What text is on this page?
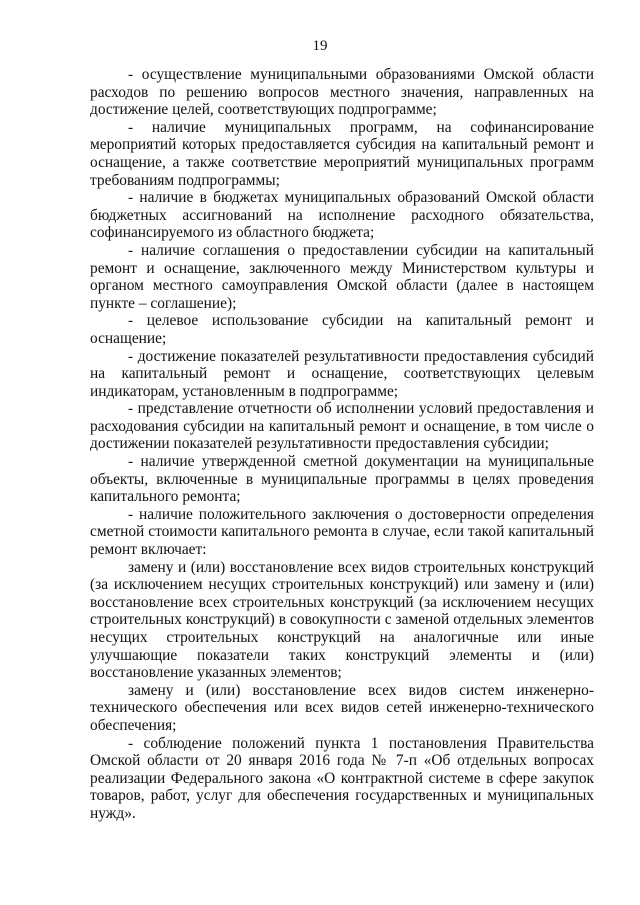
19

- осуществление муниципальными образованиями Омской области расходов по решению вопросов местного значения, направленных на достижение целей, соответствующих подпрограмме;

- наличие муниципальных программ, на софинансирование мероприятий которых предоставляется субсидия на капитальный ремонт и оснащение, а также соответствие мероприятий муниципальных программ требованиям подпрограммы;

- наличие в бюджетах муниципальных образований Омской области бюджетных ассигнований на исполнение расходного обязательства, софинансируемого из областного бюджета;

- наличие соглашения о предоставлении субсидии на капитальный ремонт и оснащение, заключенного между Министерством культуры и органом местного самоуправления Омской области (далее в настоящем пункте – соглашение);

- целевое использование субсидии на капитальный ремонт и оснащение;

- достижение показателей результативности предоставления субсидий на капитальный ремонт и оснащение, соответствующих целевым индикаторам, установленным в подпрограмме;

- представление отчетности об исполнении условий предоставления и расходования субсидии на капитальный ремонт и оснащение, в том числе о достижении показателей результативности предоставления субсидии;

- наличие утвержденной сметной документации на муниципальные объекты, включенные в муниципальные программы в целях проведения капитального ремонта;

- наличие положительного заключения о достоверности определения сметной стоимости капитального ремонта в случае, если такой капитальный ремонт включает:

замену и (или) восстановление всех видов строительных конструкций (за исключением несущих строительных конструкций) или замену и (или) восстановление всех строительных конструкций (за исключением несущих строительных конструкций) в совокупности с заменой отдельных элементов несущих строительных конструкций на аналогичные или иные улучшающие показатели таких конструкций элементы и (или) восстановление указанных элементов;

замену и (или) восстановление всех видов систем инженерно-технического обеспечения или всех видов сетей инженерно-технического обеспечения;

- соблюдение положений пункта 1 постановления Правительства Омской области от 20 января 2016 года № 7-п «Об отдельных вопросах реализации Федерального закона «О контрактной системе в сфере закупок товаров, работ, услуг для обеспечения государственных и муниципальных нужд».
